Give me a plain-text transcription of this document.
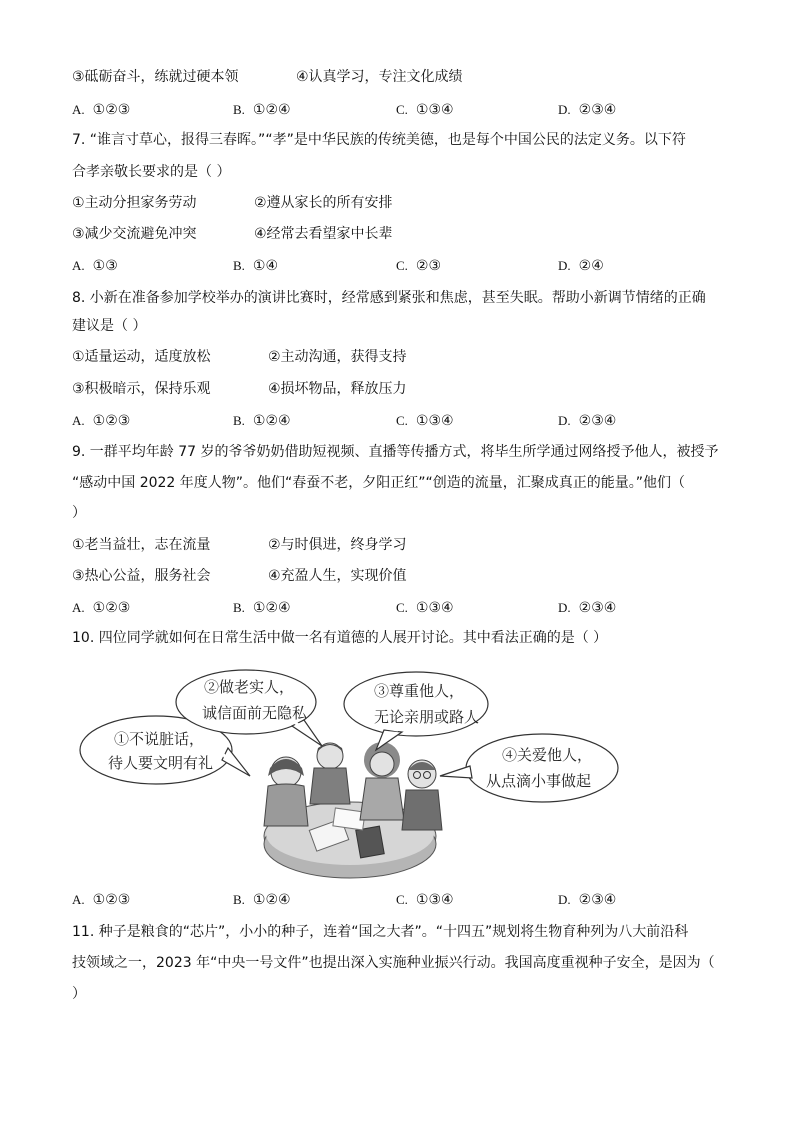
③砥砺奋斗，练就过硬本领	④认真学习，专注文化成绩
A. ①②③	B. ①②④	C. ①③④	D. ②③④
7. “谁言寸草心，报得三春晖。”“孝”是中华民族的传统美德，也是每个中国公民的法定义务。以下符
合孝亲敬长要求的是（ ）
①主动分担家务劳动	②遵从家长的所有安排
③减少交流避免冲突	④经常去看望家中长辈
A. ①③	B. ①④	C. ②③	D. ②④
8. 小新在准备参加学校举办的演讲比赛时，经常感到紧张和焦虑，甚至失眠。帮助小新调节情绪的正确
建议是（ ）
①适量运动，适度放松	②主动沟通，获得支持
③积极暗示，保持乐观	④损坏物品，释放压力
A. ①②③	B. ①②④	C. ①③④	D. ②③④
9. 一群平均年龄 77 岁的爷爷奶奶借助短视频、直播等传播方式，将毕生所学通过网络授予他人，被授予
“感动中国 2022 年度人物”。他们“春蚕不老，夕阳正红”“创造的流量，汇聚成真正的能量。”他们（
）
①老当益壮，志在流量	②与时俱进，终身学习
③热心公益，服务社会	④充盈人生，实现价值
A. ①②③	B. ①②④	C. ①③④	D. ②③④
10. 四位同学就如何在日常生活中做一名有道德的人展开讨论。其中看法正确的是（ ）
①不说脏话，
待人要文明有礼
②做老实人，
诚信面前无隐私
③尊重他人，
无论亲朋或路人
④关爱他人，
从点滴小事做起
A. ①②③	B. ①②④	C. ①③④	D. ②③④
11. 种子是粮食的“芯片”，小小的种子，连着“国之大者”。“十四五”规划将生物育种列为八大前沿科
技领域之一，2023 年“中央一号文件”也提出深入实施种业振兴行动。我国高度重视种子安全，是因为（
）
